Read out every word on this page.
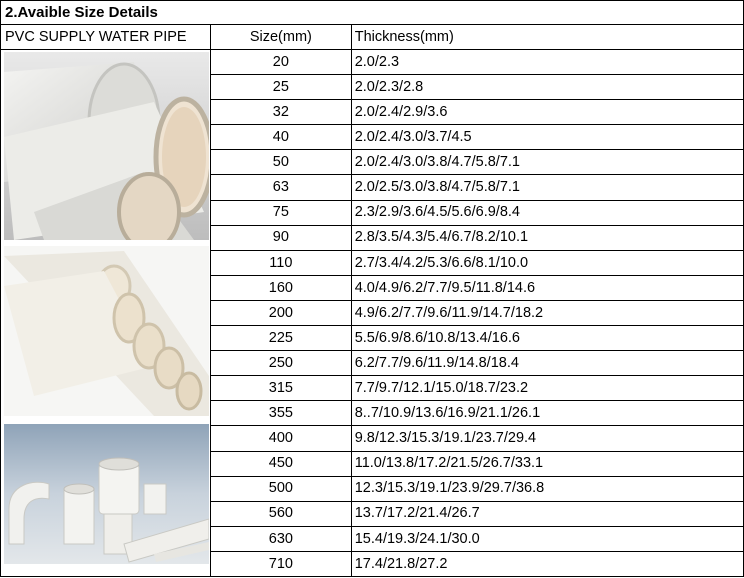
2.Avaible Size Details		
PVC SUPPLY WATER PIPE	Size(mm)	Thickness(mm)

	20	2.0/2.3
	25	2.0/2.3/2.8
	32	2.0/2.4/2.9/3.6
	40	2.0/2.4/3.0/3.7/4.5
	50	2.0/2.4/3.0/3.8/4.7/5.8/7.1
	63	2.0/2.5/3.0/3.8/4.7/5.8/7.1
	75	2.3/2.9/3.6/4.5/5.6/6.9/8.4
	90	2.8/3.5/4.3/5.4/6.7/8.2/10.1
	110	2.7/3.4/4.2/5.3/6.6/8.1/10.0
	160	4.0/4.9/6.2/7.7/9.5/11.8/14.6
	200	4.9/6.2/7.7/9.6/11.9/14.7/18.2
	225	5.5/6.9/8.6/10.8/13.4/16.6
	250	6.2/7.7/9.6/11.9/14.8/18.4
	315	7.7/9.7/12.1/15.0/18.7/23.2
	355	8..7/10.9/13.6/16.9/21.1/26.1
	400	9.8/12.3/15.3/19.1/23.7/29.4
	450	11.0/13.8/17.2/21.5/26.7/33.1
	500	12.3/15.3/19.1/23.9/29.7/36.8
	560	13.7/17.2/21.4/26.7
	630	15.4/19.3/24.1/30.0
	710	17.4/21.8/27.2
